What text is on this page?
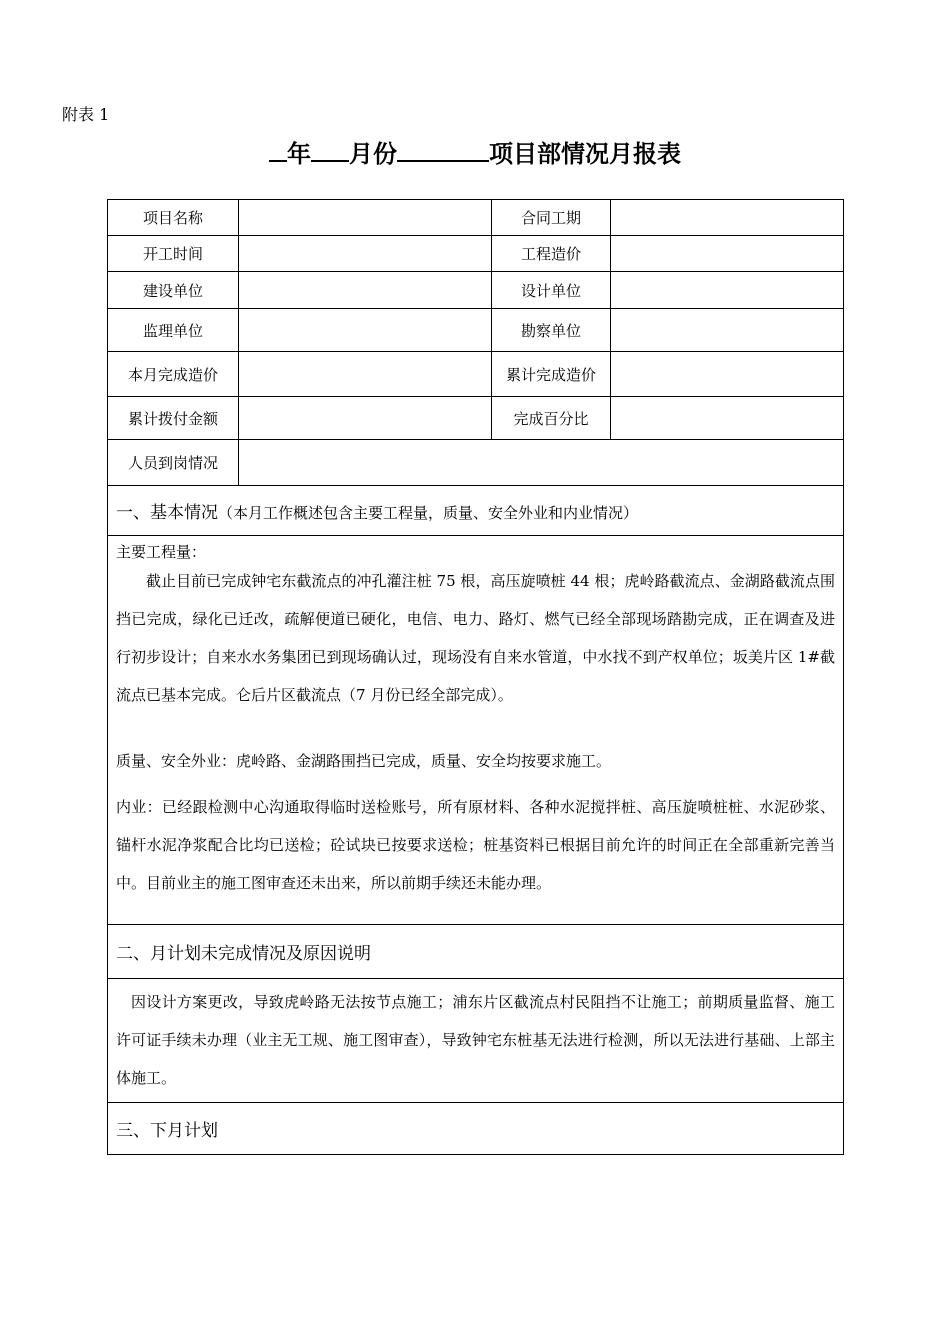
附表 1
年 月份	项目部情况月报表
项目名称		合同工期	
开工时间		工程造价	
建设单位		设计单位	
监理单位		勘察单位	
本月完成造价		累计完成造价	
累计拨付金额		完成百分比	
人员到岗情况			
一、基本情况（本月工作概述包含主要工程量，质量、安全外业和内业情况）			

主要工程量：

截止目前已完成钟宅东截流点的冲孔灌注桩 75 根，高压旋喷桩 44 根；虎岭路截流点、金湖路截流点围挡已完成，绿化已迁改，疏解便道已硬化，电信、电力、路灯、燃气已经全部现场踏勘完成，正在调查及进行初步设计；自来水水务集团已到现场确认过，现场没有自来水管道，中水找不到产权单位；坂美片区 1#截流点已基本完成。仑后片区截流点（7 月份已经全部完成）。

质量、安全外业：虎岭路、金湖路围挡已完成，质量、安全均按要求施工。

内业：已经跟检测中心沟通取得临时送检账号，所有原材料、各种水泥搅拌桩、高压旋喷桩桩、水泥砂浆、锚杆水泥净浆配合比均已送检；砼试块已按要求送检；桩基资料已根据目前允许的时间正在全部重新完善当中。目前业主的施工图审查还未出来，所以前期手续还未能办理。			

二、月计划未完成情况及原因说明			

因设计方案更改，导致虎岭路无法按节点施工；浦东片区截流点村民阻挡不让施工；前期质量监督、施工许可证手续未办理（业主无工规、施工图审查），导致钟宅东桩基无法进行检测，所以无法进行基础、上部主体施工。			

三、下月计划			
